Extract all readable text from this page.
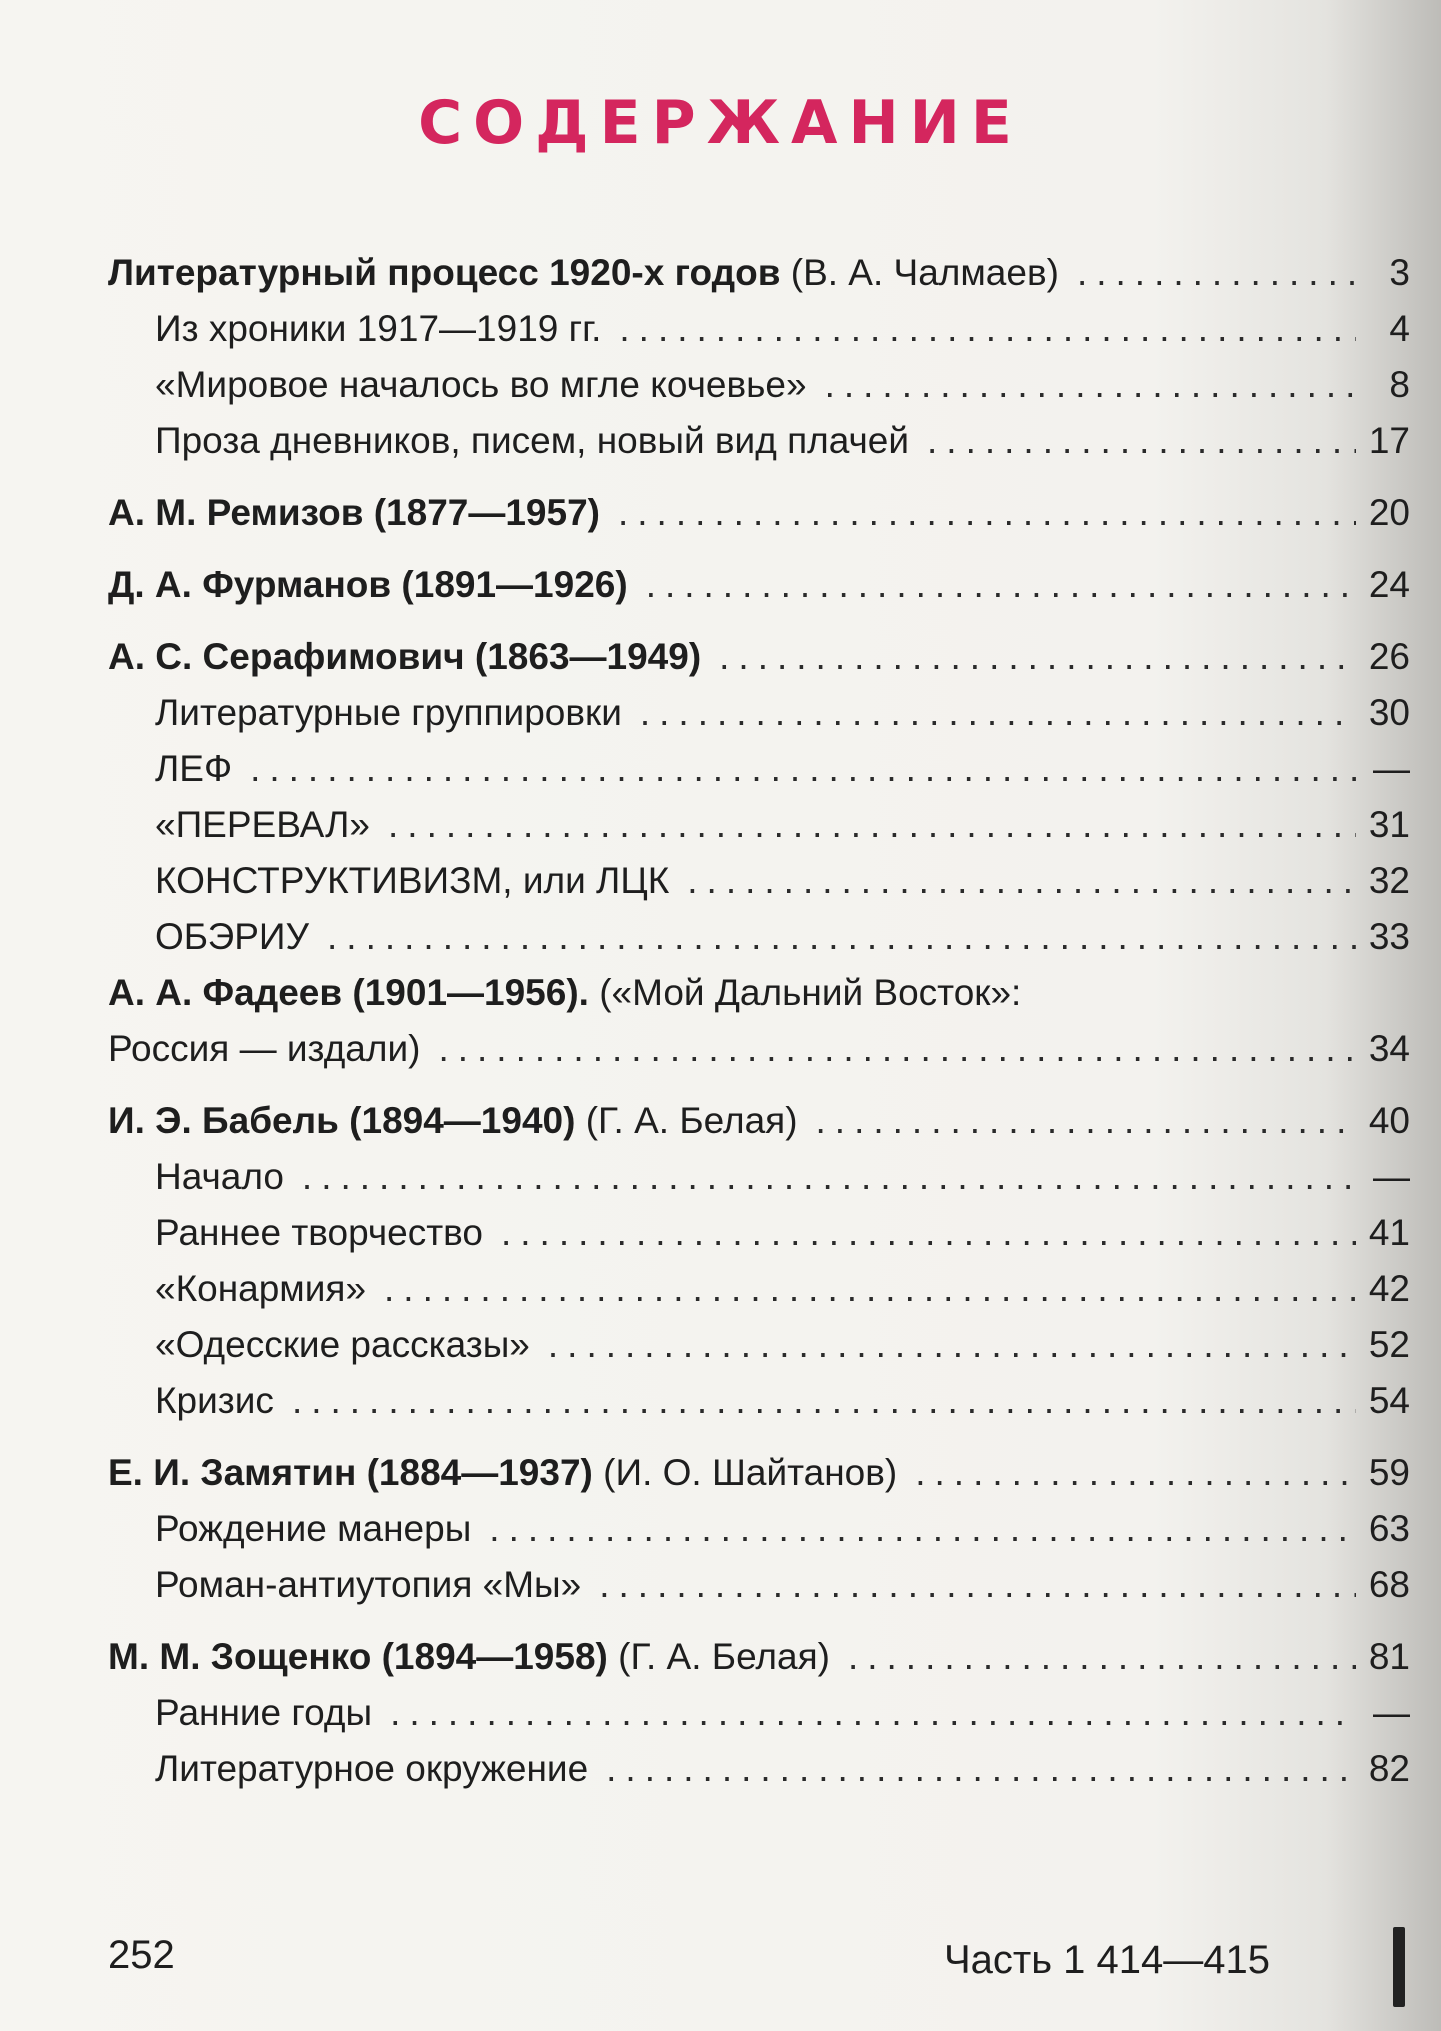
СОДЕРЖАНИЕ
Литературный процесс 1920-х годов (В. А. Чалмаев) .....	3
Из хроники 1917—1919 гг. .....	4
«Мировое началось во мгле кочевье» .....	8
Проза дневников, писем, новый вид плачей .....	17
А. М. Ремизов (1877—1957) .....	20
Д. А. Фурманов (1891—1926) .....	24
А. С. Серафимович (1863—1949) .....	26
Литературные группировки .....	30
ЛЕФ .....	—
«ПЕРЕВАЛ» .....	31
КОНСТРУКТИВИЗМ, или ЛЦК .....	32
ОБЭРИУ .....	33
А. А. Фадеев (1901—1956). («Мой Дальний Восток»:
Россия — издали) .....	34
И. Э. Бабель (1894—1940) (Г. А. Белая) .....	40
Начало .....	—
Раннее творчество .....	41
«Конармия» .....	42
«Одесские рассказы» .....	52
Кризис .....	54
Е. И. Замятин (1884—1937) (И. О. Шайтанов) .....	59
Рождение манеры .....	63
Роман-антиутопия «Мы» .....	68
М. М. Зощенко (1894—1958) (Г. А. Белая) .....	81
Ранние годы .....	—
Литературное окружение .....	82
252	Часть 1 414—415
